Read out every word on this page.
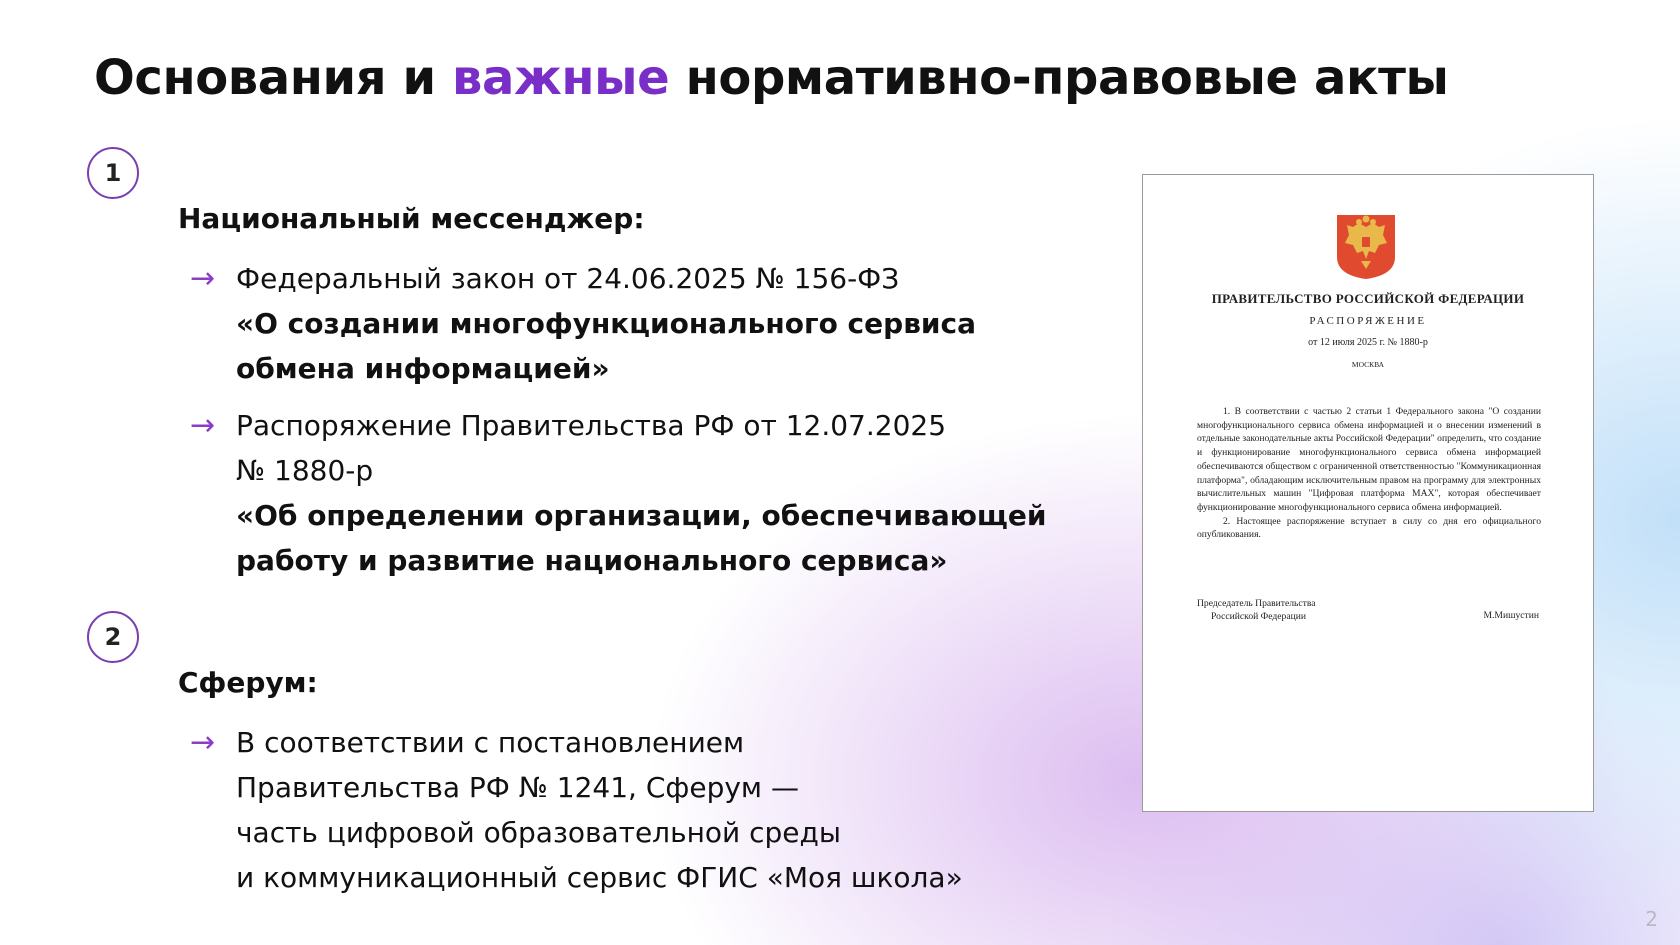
Основания и важные нормативно-правовые акты
1
Национальный мессенджер:
→ Федеральный закон от 24.06.2025 № 156-ФЗ
«О создании многофункционального сервиса
обмена информацией»
→ Распоряжение Правительства РФ от 12.07.2025
№ 1880-р
«Об определении организации, обеспечивающей
работу и развитие национального сервиса»
2
Сферум:
→ В соответствии с постановлением
Правительства РФ № 1241, Сферум —
часть цифровой образовательной среды
и коммуникационный сервис ФГИС «Моя школа»
ПРАВИТЕЛЬСТВО РОССИЙСКОЙ ФЕДЕРАЦИИ
РАСПОРЯЖЕНИЕ
от 12 июля 2025 г. № 1880-р
МОСКВА

1. В соответствии с частью 2 статьи 1 Федерального закона "О создании многофункционального сервиса обмена информацией и о внесении изменений в отдельные законодательные акты Российской Федерации" определить, что создание и функционирование многофункционального сервиса обмена информацией обеспечиваются обществом с ограниченной ответственностью "Коммуникационная платформа", обладающим исключительным правом на программу для электронных вычислительных машин "Цифровая платформа MAX", которая обеспечивает функционирование многофункционального сервиса обмена информацией.

2. Настоящее распоряжение вступает в силу со дня его официального опубликования.

Председатель Правительства
Российской Федерации	М.Мишустин
2
